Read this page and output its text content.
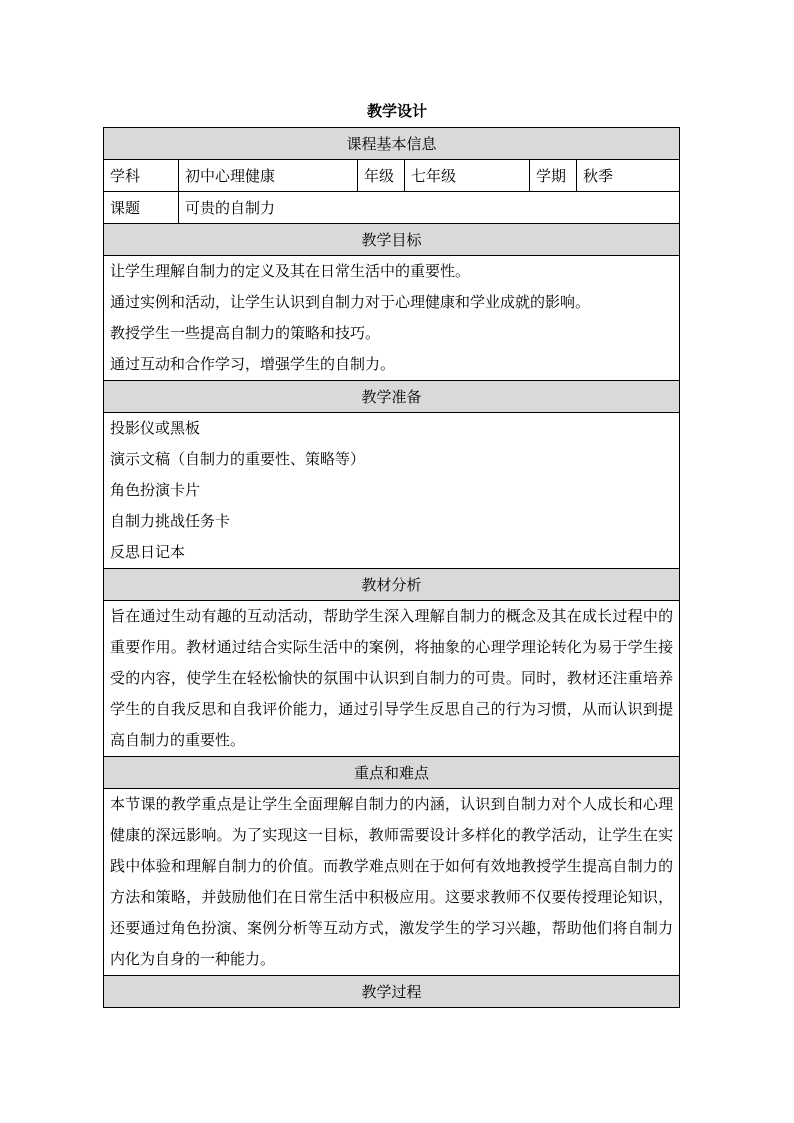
教学设计
课程基本信息					
学科	初中心理健康	年级	七年级	学期	秋季
课题	可贵的自制力				
教学目标					

让学生理解自制力的定义及其在日常生活中的重要性。
通过实例和活动，让学生认识到自制力对于心理健康和学业成就的影响。
教授学生一些提高自制力的策略和技巧。
通过互动和合作学习，增强学生的自制力。					

教学准备					

投影仪或黑板
演示文稿（自制力的重要性、策略等）
角色扮演卡片
自制力挑战任务卡
反思日记本					

教材分析					

旨在通过生动有趣的互动活动，帮助学生深入理解自制力的概念及其在成长过程中的重要作用。教材通过结合实际生活中的案例，将抽象的心理学理论转化为易于学生接受的内容，使学生在轻松愉快的氛围中认识到自制力的可贵。同时，教材还注重培养学生的自我反思和自我评价能力，通过引导学生反思自己的行为习惯，从而认识到提高自制力的重要性。					

重点和难点					

本节课的教学重点是让学生全面理解自制力的内涵，认识到自制力对个人成长和心理健康的深远影响。为了实现这一目标，教师需要设计多样化的教学活动，让学生在实践中体验和理解自制力的价值。而教学难点则在于如何有效地教授学生提高自制力的方法和策略，并鼓励他们在日常生活中积极应用。这要求教师不仅要传授理论知识，还要通过角色扮演、案例分析等互动方式，激发学生的学习兴趣，帮助他们将自制力内化为自身的一种能力。					

教学过程					
